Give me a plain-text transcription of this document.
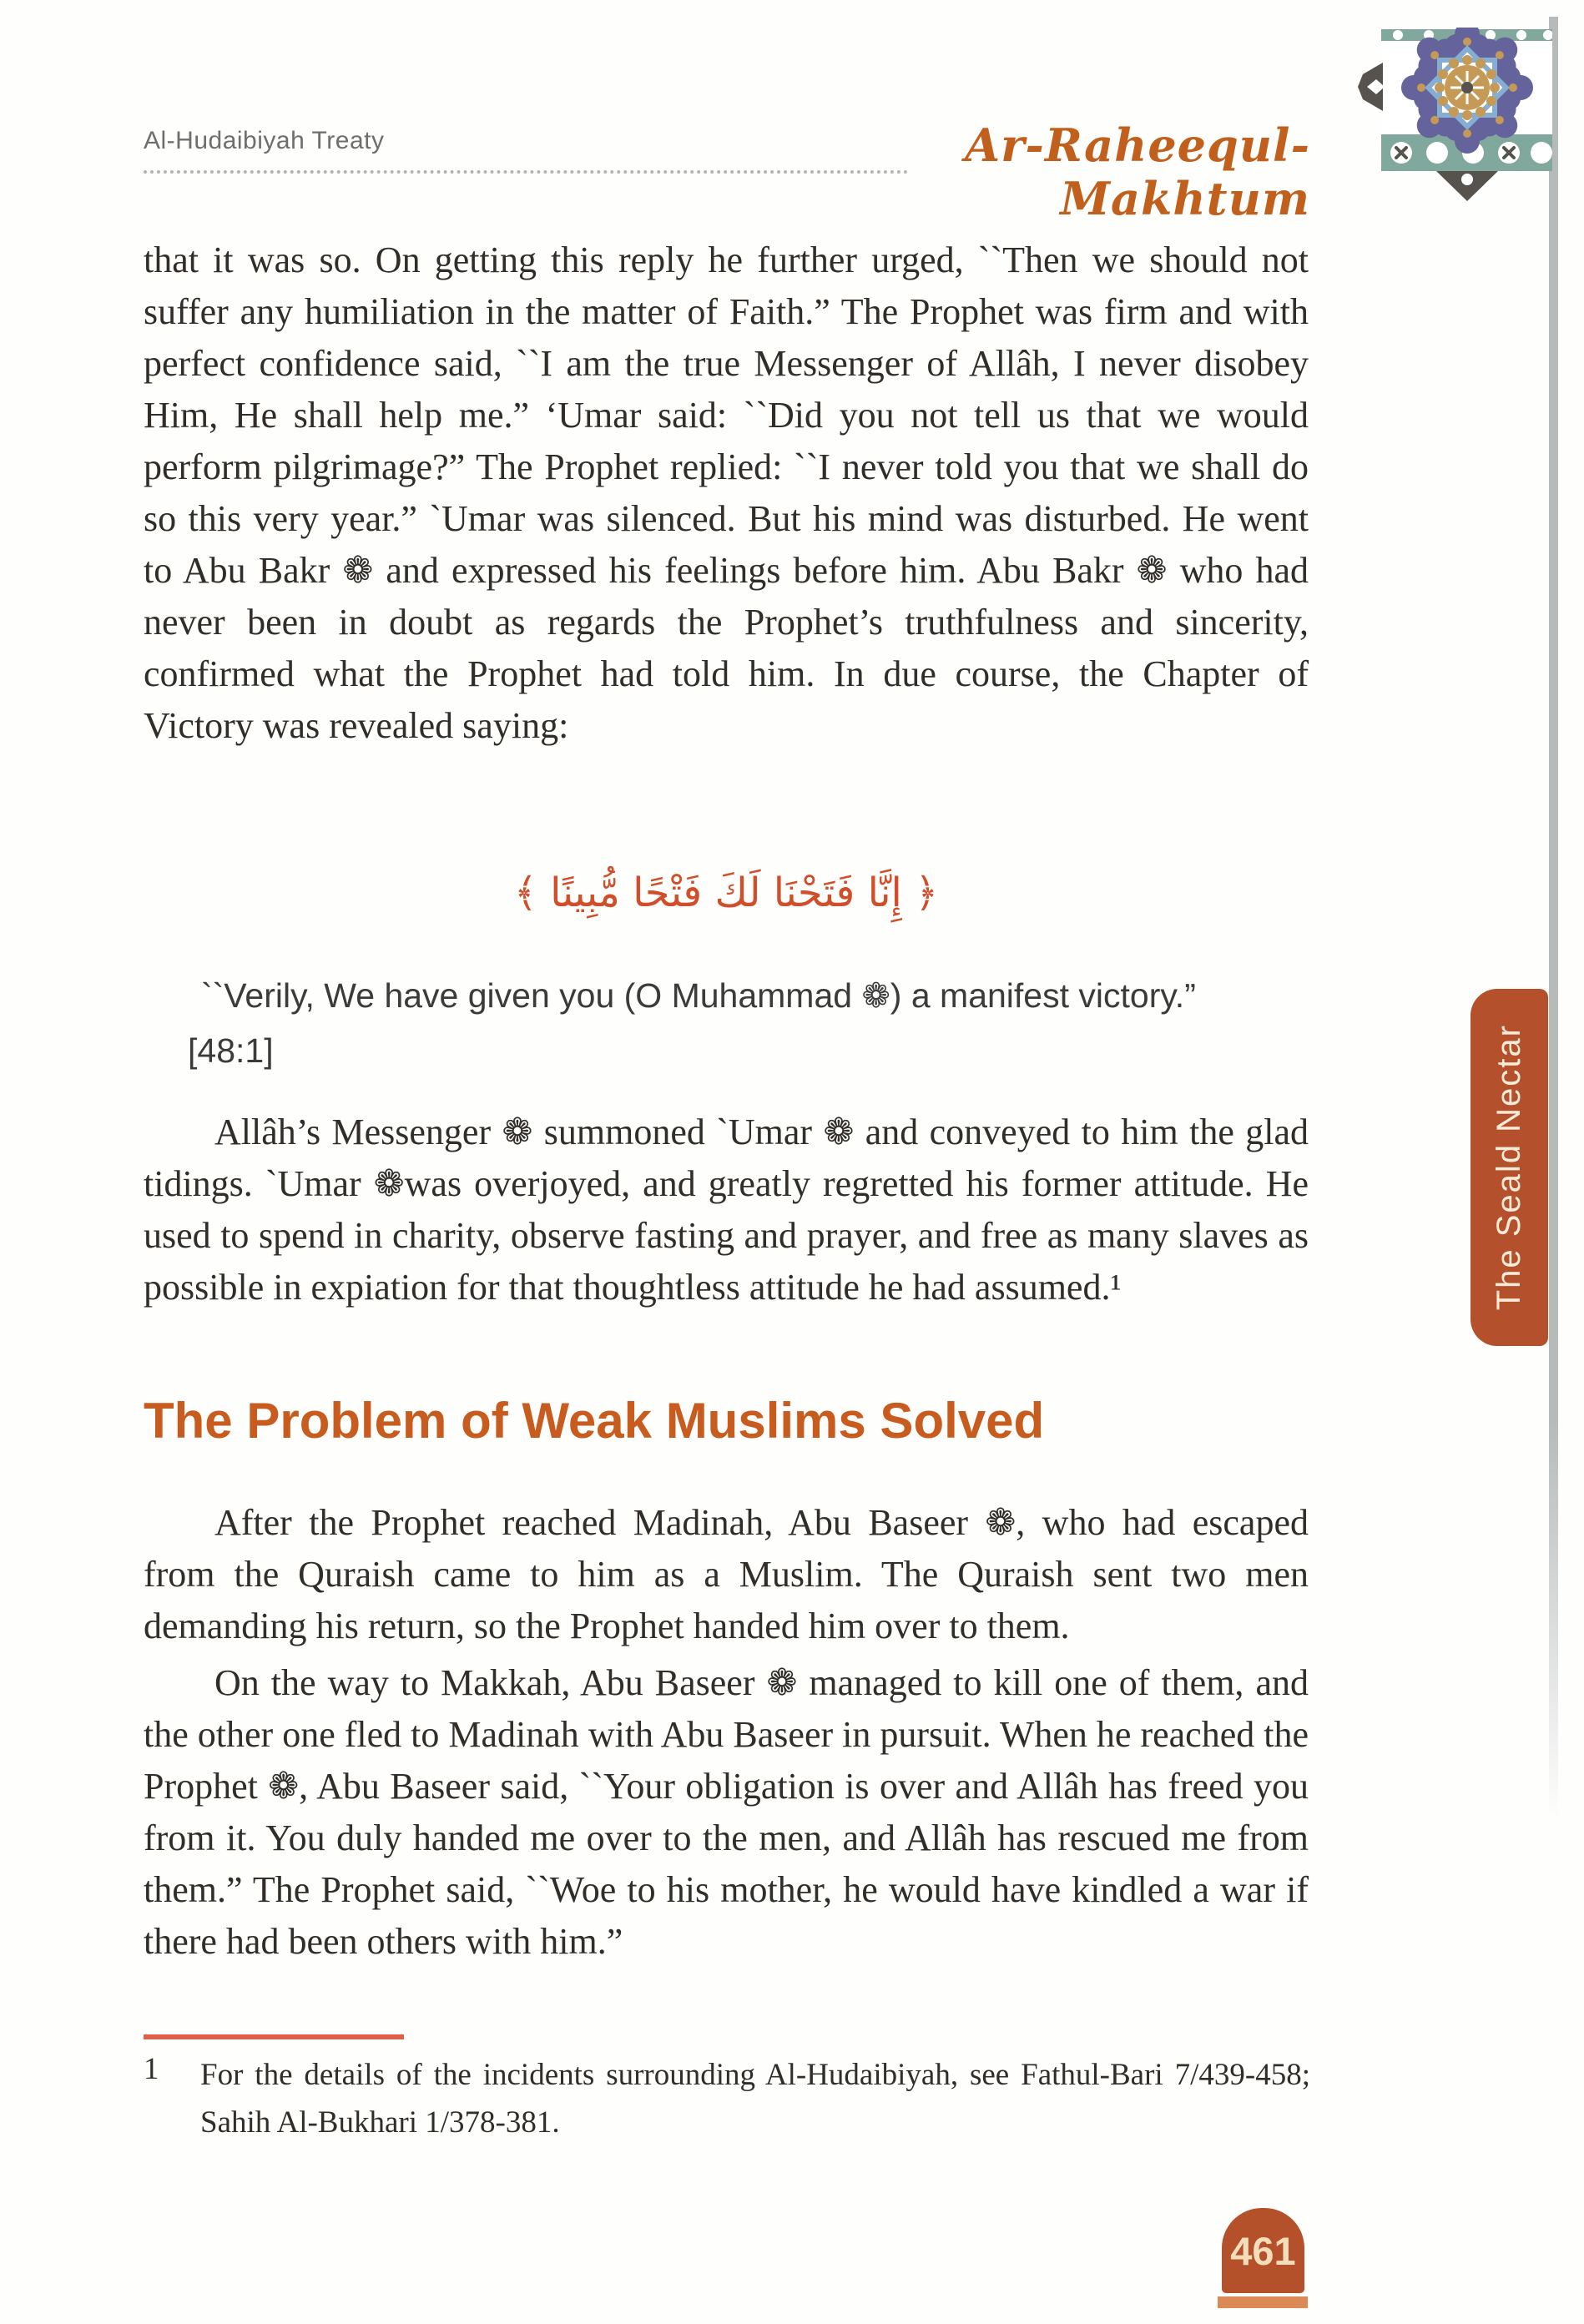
Al-Hudaibiyah Treaty	Ar-Raheequl-Makhtum

that it was so. On getting this reply he further urged, ``Then we should not suffer any humiliation in the matter of Faith.” The Prophet was firm and with perfect confidence said, ``I am the true Messenger of Allâh, I never disobey Him, He shall help me.” ‘Umar said: ``Did you not tell us that we would perform pilgrimage?” The Prophet replied: ``I never told you that we shall do so this very year.” `Umar was silenced. But his mind was disturbed. He went to Abu Bakr ❁ and expressed his feelings before him. Abu Bakr ❁ who had never been in doubt as regards the Prophet’s truthfulness and sincerity, confirmed what the Prophet had told him. In due course, the Chapter of Victory was revealed saying:

﴿ إِنَّا فَتَحْنَا لَكَ فَتْحًا مُّبِينًا ﴾
``Verily, We have given you (O Muhammad ❁) a manifest victory.”
[48:1]

Allâh’s Messenger ❁ summoned `Umar ❁ and conveyed to him the glad tidings. `Umar ❁was overjoyed, and greatly regretted his former attitude. He used to spend in charity, observe fasting and prayer, and free as many slaves as possible in expiation for that thoughtless attitude he had assumed.¹

The Problem of Weak Muslims Solved

After the Prophet reached Madinah, Abu Baseer ❁, who had escaped from the Quraish came to him as a Muslim. The Quraish sent two men demanding his return, so the Prophet handed him over to them.

On the way to Makkah, Abu Baseer ❁ managed to kill one of them, and the other one fled to Madinah with Abu Baseer in pursuit. When he reached the Prophet ❁, Abu Baseer said, ``Your obligation is over and Allâh has freed you from it. You duly handed me over to the men, and Allâh has rescued me from them.” The Prophet said, ``Woe to his mother, he would have kindled a war if there had been others with him.”

1 For the details of the incidents surrounding Al-Hudaibiyah, see Fathul-Bari 7/439-458; Sahih Al-Bukhari 1/378-381.
The Seald Nectar
461
